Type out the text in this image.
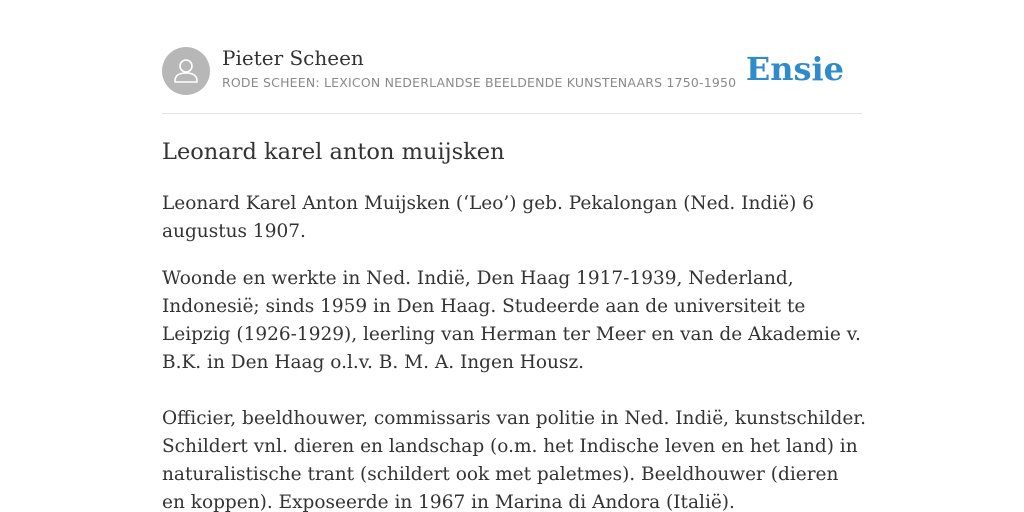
Pieter Scheen
RODE SCHEEN: LEXICON NEDERLANDSE BEELDENDE KUNSTENAARS 1750-1950 Ensie
Leonard karel anton muijsken

Leonard Karel Anton Muijsken (‘Leo’) geb. Pekalongan (Ned. Indië) 6 augustus 1907.

Woonde en werkte in Ned. Indië, Den Haag 1917-1939, Nederland, Indonesië; sinds 1959 in Den Haag. Studeerde aan de universiteit te Leipzig (1926-1929), leerling van Herman ter Meer en van de Akademie v. B.K. in Den Haag o.l.v. B. M. A. Ingen Housz.

Officier, beeldhouwer, commissaris van politie in Ned. Indië, kunstschilder. Schildert vnl. dieren en landschap (o.m. het Indische leven en het land) in naturalistische trant (schildert ook met paletmes). Beeldhouwer (dieren en koppen). Exposeerde in 1967 in Marina di Andora (Italië).
